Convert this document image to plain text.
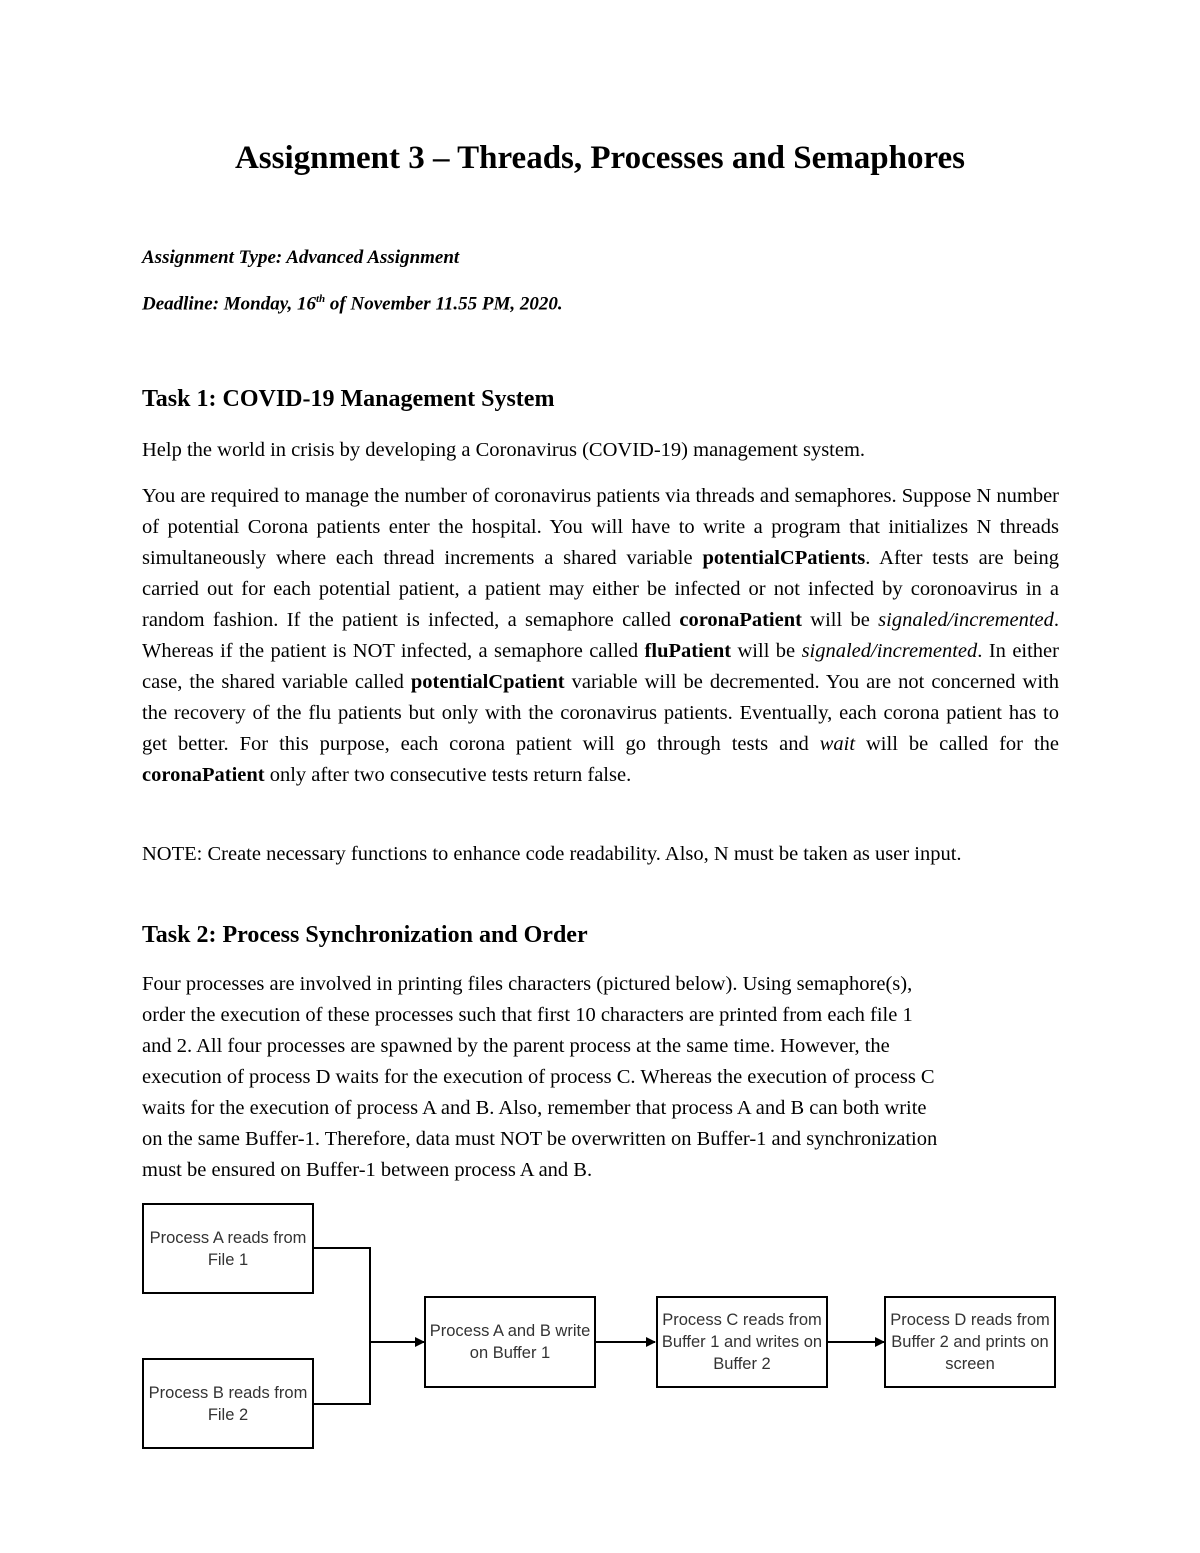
Assignment 3 – Threads, Processes and Semaphores

Assignment Type: Advanced Assignment

Deadline: Monday, 16th of November 11.55 PM, 2020.

Task 1: COVID-19 Management System

Help the world in crisis by developing a Coronavirus (COVID-19) management system.

You are required to manage the number of coronavirus patients via threads and semaphores. Suppose N number of potential Corona patients enter the hospital. You will have to write a program that initializes N threads simultaneously where each thread increments a shared variable potentialCPatients. After tests are being carried out for each potential patient, a patient may either be infected or not infected by coronoavirus in a random fashion. If the patient is infected, a semaphore called coronaPatient will be signaled/incremented. Whereas if the patient is NOT infected, a semaphore called fluPatient will be signaled/incremented. In either case, the shared variable called potentialCpatient variable will be decremented. You are not concerned with the recovery of the flu patients but only with the coronavirus patients. Eventually, each corona patient has to get better. For this purpose, each corona patient will go through tests and wait will be called for the coronaPatient only after two consecutive tests return false.

NOTE: Create necessary functions to enhance code readability. Also, N must be taken as user input.

Task 2: Process Synchronization and Order
Four processes are involved in printing files characters (pictured below). Using semaphore(s),
order the execution of these processes such that first 10 characters are printed from each file 1
and 2. All four processes are spawned by the parent process at the same time. However, the
execution of process D waits for the execution of process C. Whereas the execution of process C
waits for the execution of process A and B. Also, remember that process A and B can both write
on the same Buffer-1. Therefore, data must NOT be overwritten on Buffer-1 and synchronization
must be ensured on Buffer-1 between process A and B.
Process A reads from File 1
Process B reads from File 2
Process A and B write on Buffer 1
Process C reads from Buffer 1 and writes on Buffer 2
Process D reads from Buffer 2 and prints on screen
